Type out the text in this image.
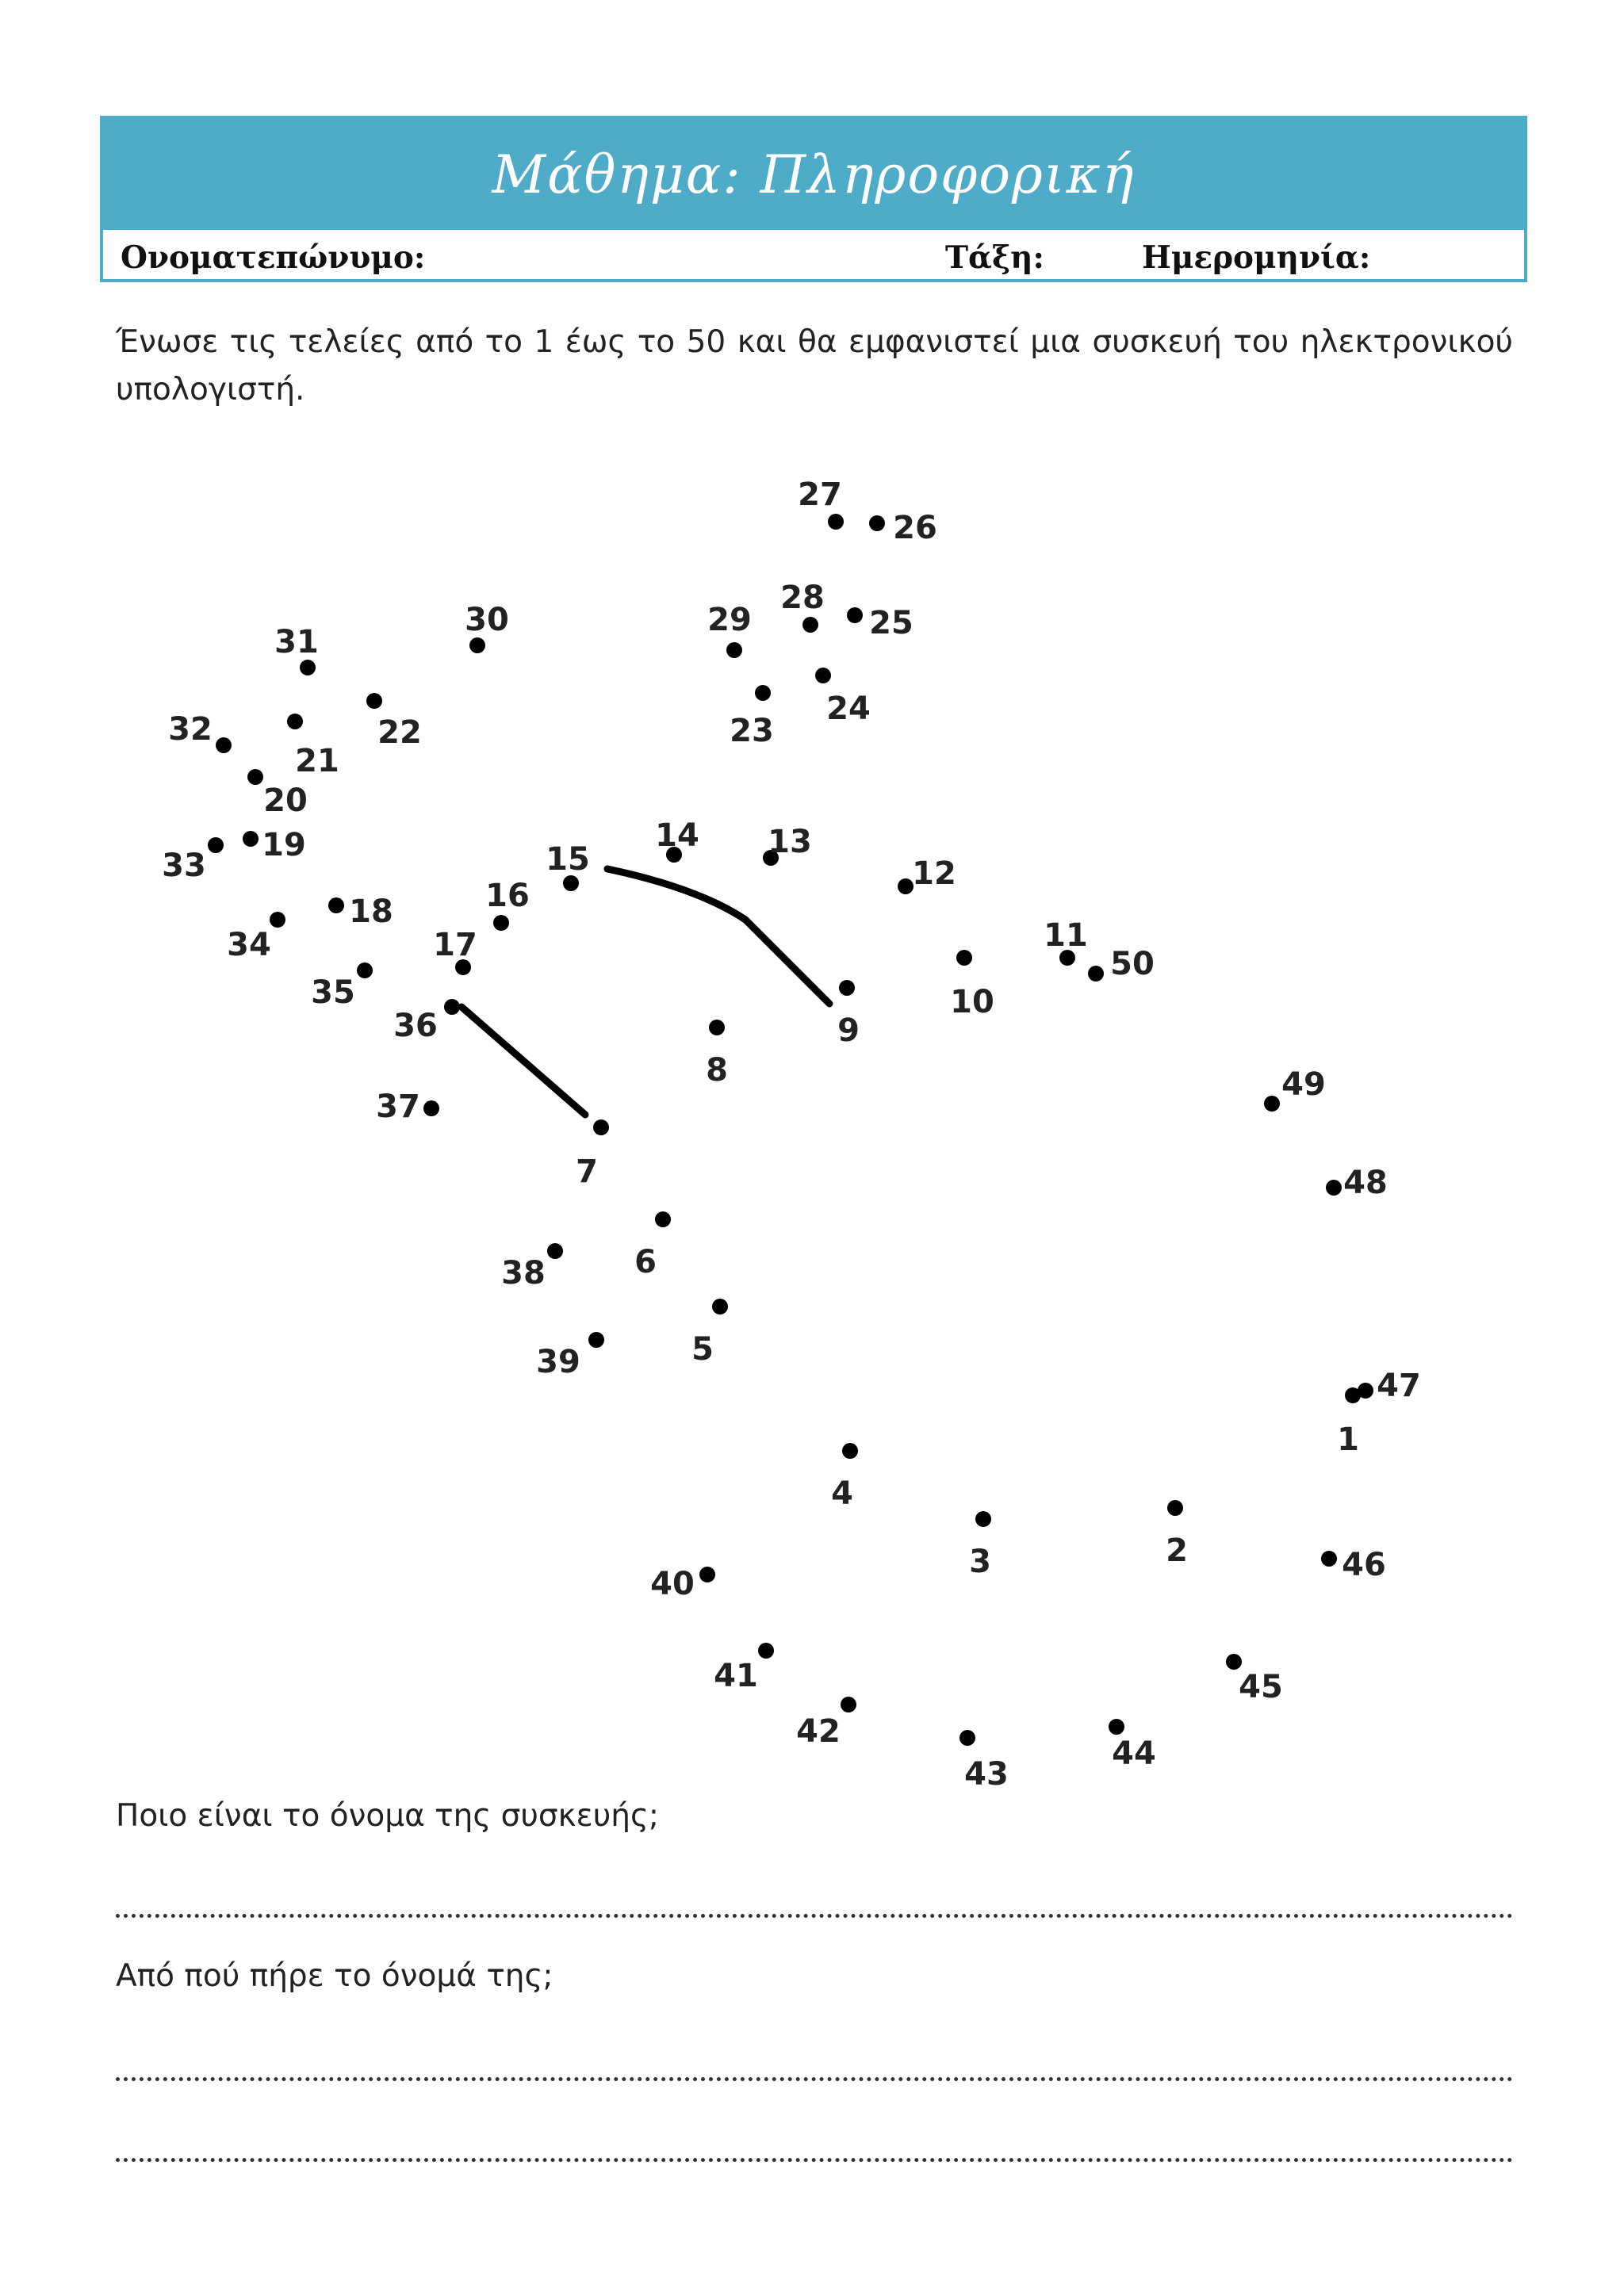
Μάθημα: Πληροφορική
Ονοματεπώνυμο:	Τάξη:	Ημερομηνία:
Ένωσε τις τελείες από το 1 έως το 50 και θα εμφανιστεί μια συσκευή του ηλεκτρονικού υπολογιστή.
1
2
3
4
5
6
7
8
9
10
11
12
13
14
15
16
17
18
19
20
21
22	23
24
25
26
27
28
29
30
31
32
33
34
35
36
37
38
39
40
41
42
43
44
45
46
47
48
49
50
Ποιο είναι το όνομα της συσκευής;
Από πού πήρε το όνομά της;
